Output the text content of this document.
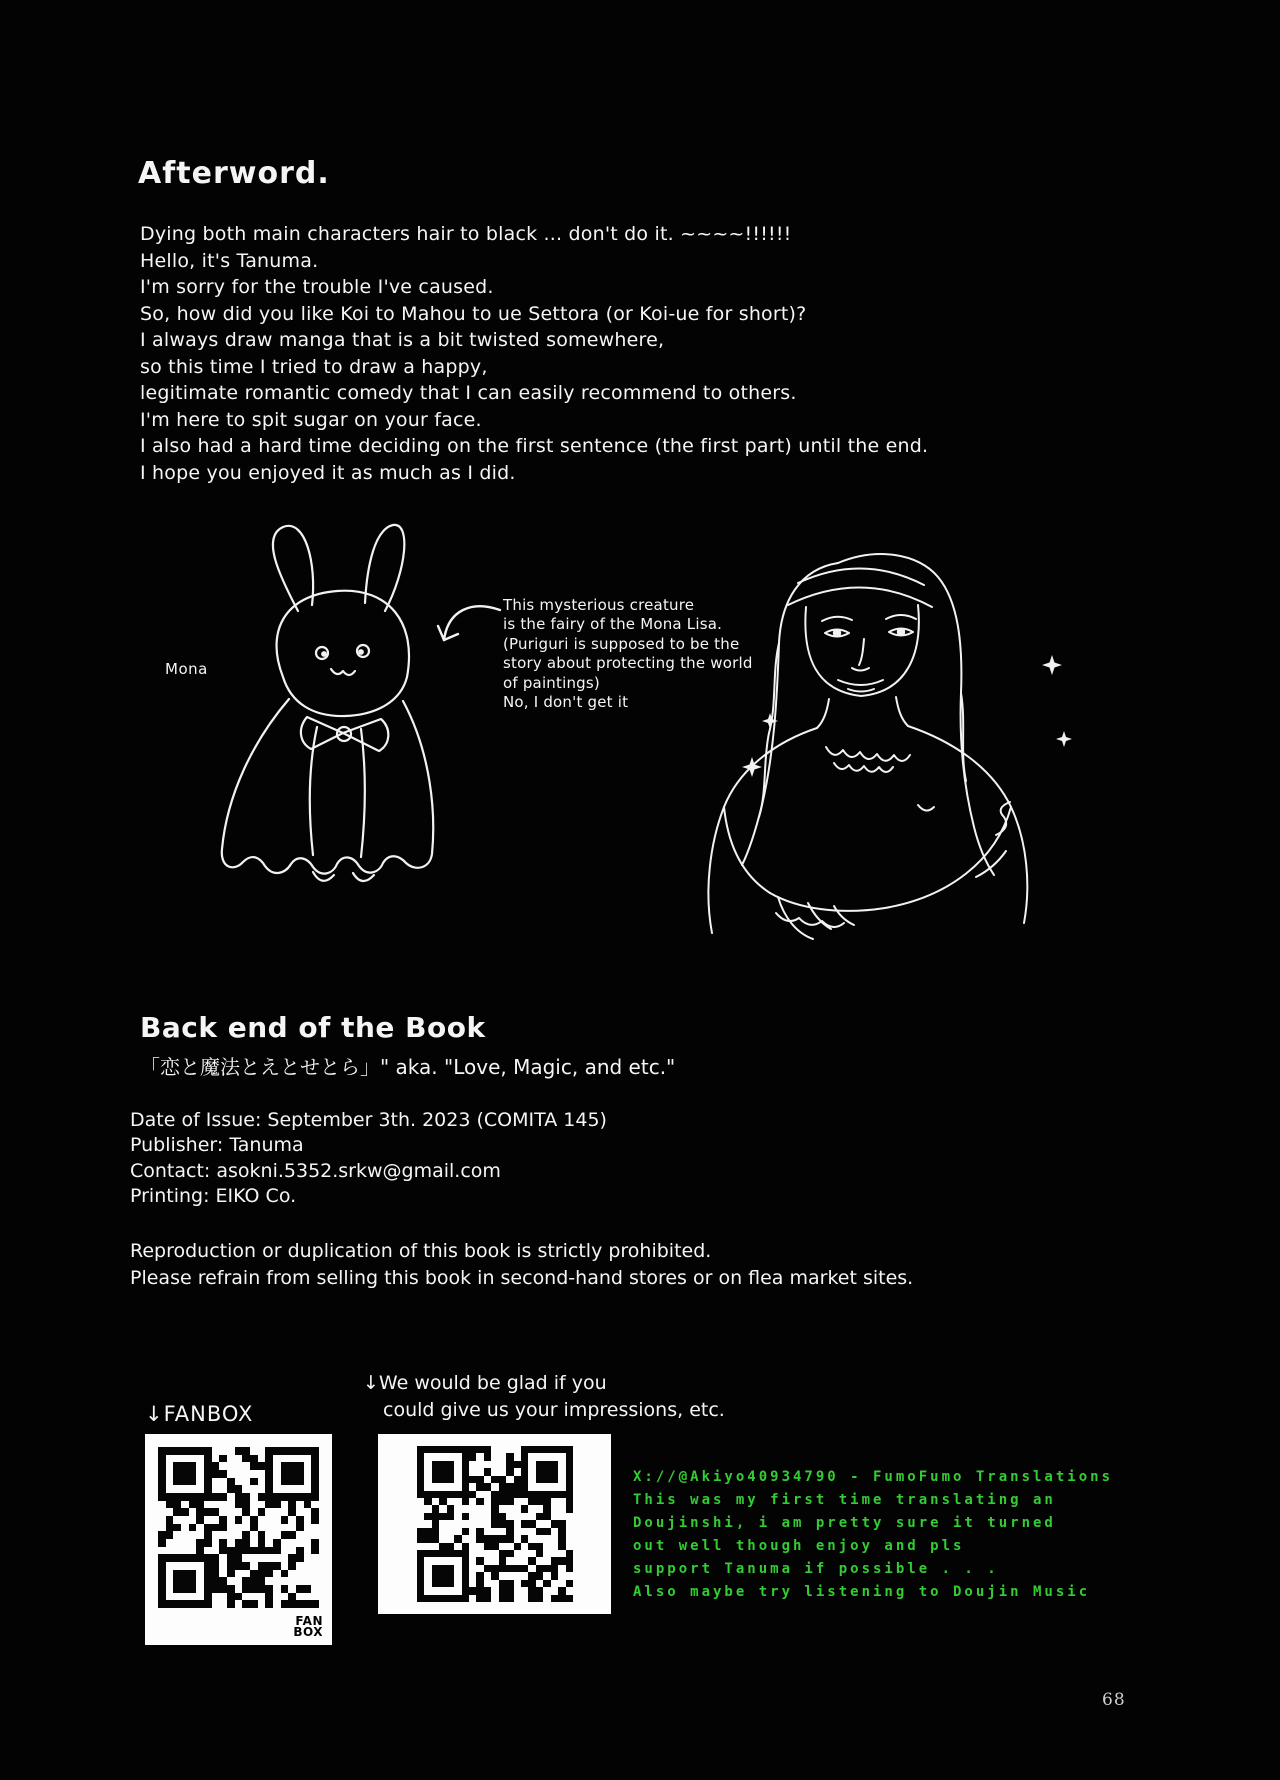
Afterword.
Dying both main characters hair to black ... don't do it. ~~~~!!!!!!
Hello, it's Tanuma.
I'm sorry for the trouble I've caused.
So, how did you like Koi to Mahou to ue Settora (or Koi-ue for short)?
I always draw manga that is a bit twisted somewhere,
so this time I tried to draw a happy,
legitimate romantic comedy that I can easily recommend to others.
I'm here to spit sugar on your face.
I also had a hard time deciding on the first sentence (the first part) until the end.
I hope you enjoyed it as much as I did.
Mona
This mysterious creature
is the fairy of the Mona Lisa.
(Puriguri is supposed to be the
story about protecting the world
of paintings)
No, I don't get it
Back end of the Book
「恋と魔法とえとせとら」" aka. "Love, Magic, and etc."
Date of Issue: September 3th. 2023 (COMITA 145)
Publisher: Tanuma
Contact: asokni.5352.srkw@gmail.com
Printing: EIKO Co.
Reproduction or duplication of this book is strictly prohibited.
Please refrain from selling this book in second-hand stores or on flea market sites.
↓We would be glad if you
could give us your impressions, etc.
↓FANBOX
FAN
BOX
X://@Akiyo40934790 - FumoFumo Translations
This was my first time translating an
Doujinshi, i am pretty sure it turned
out well though enjoy and pls
support Tanuma if possible . . .
Also maybe try listening to Doujin Music
68
